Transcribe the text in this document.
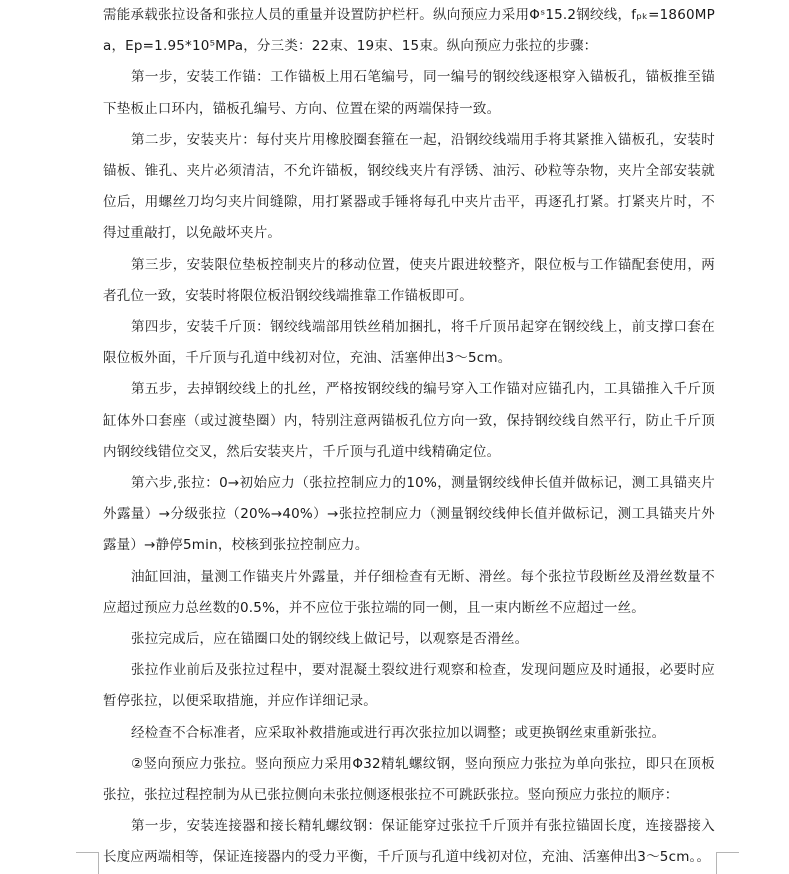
需能承载张拉设备和张拉人员的重量并设置防护栏杆。纵向预应力采用Φˢ15.2钢绞线，fₚₖ=1860MPa，Ep=1.95*10⁵MPa，分三类：22束、19束、15束。纵向预应力张拉的步骤：

第一步，安装工作锚：工作锚板上用石笔编号，同一编号的钢绞线逐根穿入锚板孔，锚板推至锚下垫板止口环内，锚板孔编号、方向、位置在梁的两端保持一致。

第二步，安装夹片：每付夹片用橡胶圈套箍在一起，沿钢绞线端用手将其紧推入锚板孔，安装时锚板、锥孔、夹片必须清洁，不允许锚板，钢绞线夹片有浮锈、油污、砂粒等杂物，夹片全部安装就位后，用螺丝刀均匀夹片间缝隙，用打紧器或手锤将每孔中夹片击平，再逐孔打紧。打紧夹片时，不得过重敲打，以免敲坏夹片。

第三步，安装限位垫板控制夹片的移动位置，使夹片跟进较整齐，限位板与工作锚配套使用，两者孔位一致，安装时将限位板沿钢绞线端推靠工作锚板即可。

第四步，安装千斤顶：钢绞线端部用铁丝稍加捆扎，将千斤顶吊起穿在钢绞线上，前支撑口套在限位板外面，千斤顶与孔道中线初对位，充油、活塞伸出3～5cm。

第五步，去掉钢绞线上的扎丝，严格按钢绞线的编号穿入工作锚对应锚孔内，工具锚推入千斤顶缸体外口套座（或过渡垫圈）内，特别注意两锚板孔位方向一致，保持钢绞线自然平行，防止千斤顶内钢绞线错位交叉，然后安装夹片，千斤顶与孔道中线精确定位。

第六步,张拉：0→初始应力（张拉控制应力的10%，测量钢绞线伸长值并做标记，测工具锚夹片外露量）→分级张拉（20%→40%）→张拉控制应力（测量钢绞线伸长值并做标记，测工具锚夹片外露量）→静停5min，校核到张拉控制应力。

油缸回油，量测工作锚夹片外露量，并仔细检查有无断、滑丝。每个张拉节段断丝及滑丝数量不应超过预应力总丝数的0.5%，并不应位于张拉端的同一侧，且一束内断丝不应超过一丝。

张拉完成后，应在锚圈口处的钢绞线上做记号，以观察是否滑丝。

张拉作业前后及张拉过程中，要对混凝土裂纹进行观察和检查，发现问题应及时通报，必要时应暂停张拉，以便采取措施，并应作详细记录。

经检查不合标准者，应采取补救措施或进行再次张拉加以调整；或更换钢丝束重新张拉。

②竖向预应力张拉。竖向预应力采用Φ32精轧螺纹钢，竖向预应力张拉为单向张拉，即只在顶板张拉，张拉过程控制为从已张拉侧向未张拉侧逐根张拉不可跳跃张拉。竖向预应力张拉的顺序：

第一步，安装连接器和接长精轧螺纹钢：保证能穿过张拉千斤顶并有张拉锚固长度，连接器接入长度应两端相等，保证连接器内的受力平衡，千斤顶与孔道中线初对位，充油、活塞伸出3～5cm。。
